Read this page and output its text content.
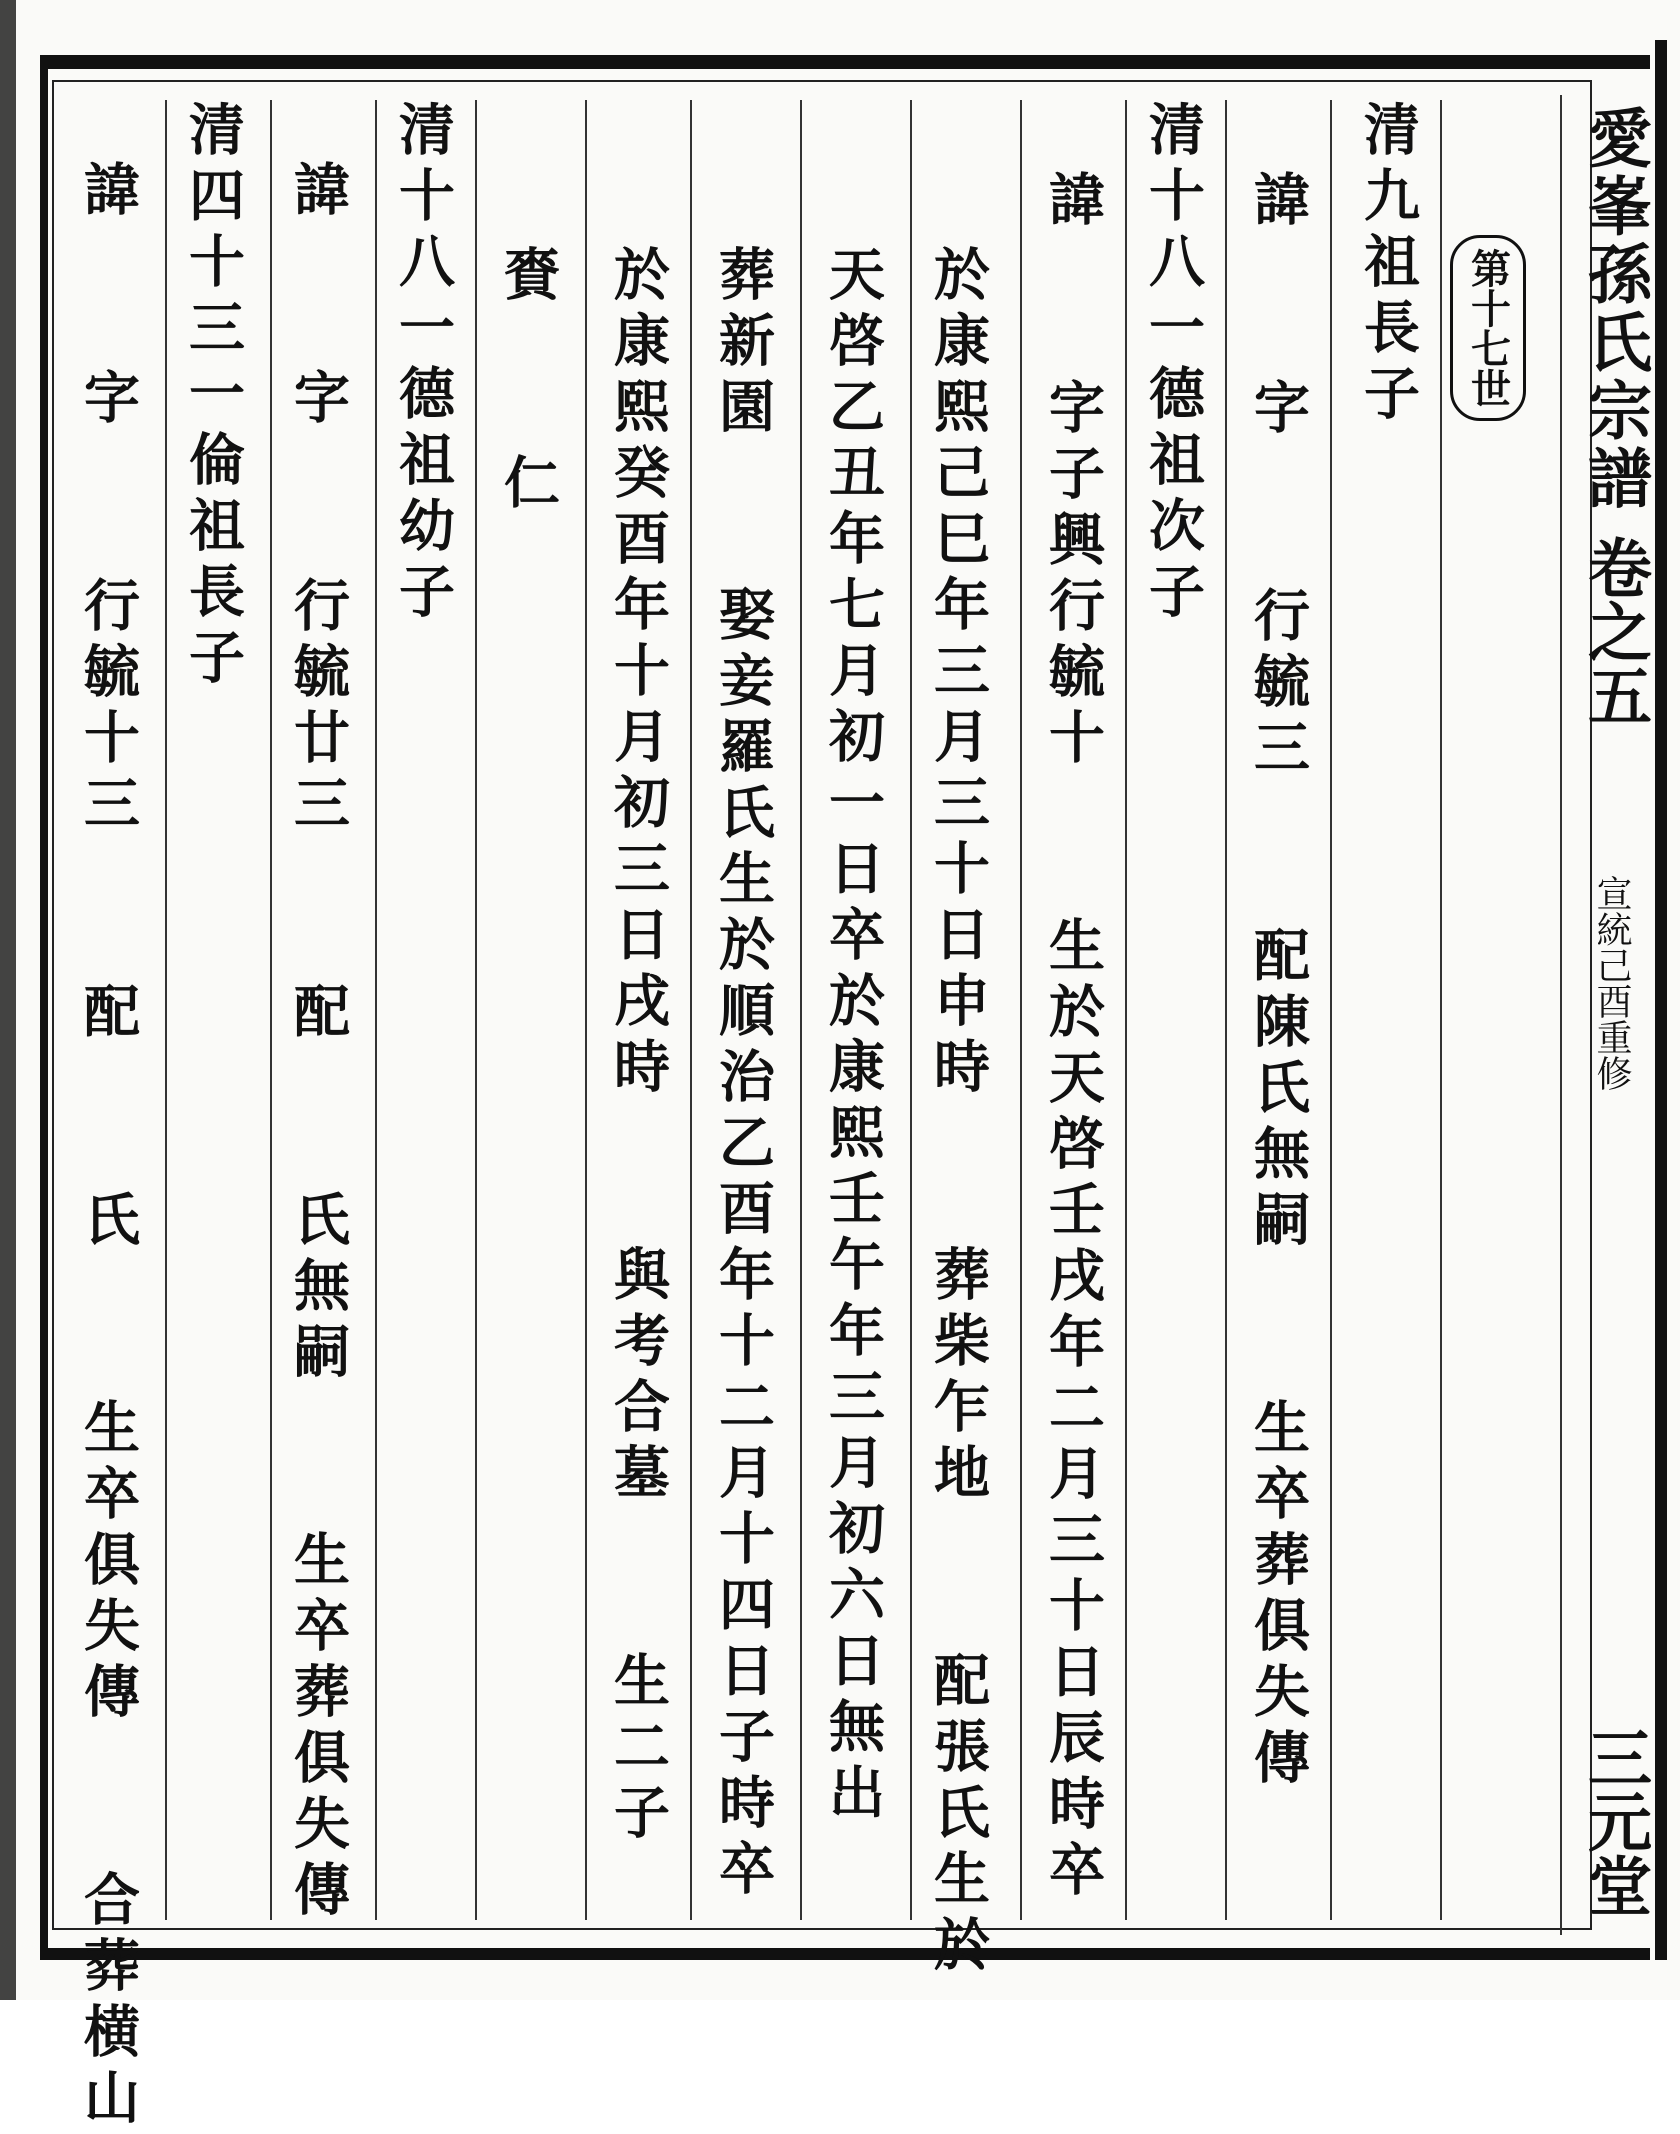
愛峯孫氏宗譜
卷之五
宣統己酉重修
三元堂
第十七世
清九祖長子
諱　 字　 行毓三　 配陳氏無嗣　 生卒葬俱失傳
清十八一德祖次子
諱　 字子興行毓十　 生於天啓壬戌年二月三十日辰時卒
於康熙己巳年三月三十日申時　 葬柴乍地　 配張氏生於
天啓乙丑年七月初一日卒於康熙壬午年三月初六日無出
葬新園　 娶妾羅氏生於順治乙酉年十二月十四日子時卒
於康熙癸酉年十月初三日戌時　 與考合墓　 生二子
賚　 仁
清十八一德祖幼子
諱　 字　 行毓廿三　 配　 氏無嗣　 生卒葬俱失傳
清四十三一倫祖長子
諱　 字　 行毓十三　 配　 氏　 生卒俱失傳　 合葬横山
